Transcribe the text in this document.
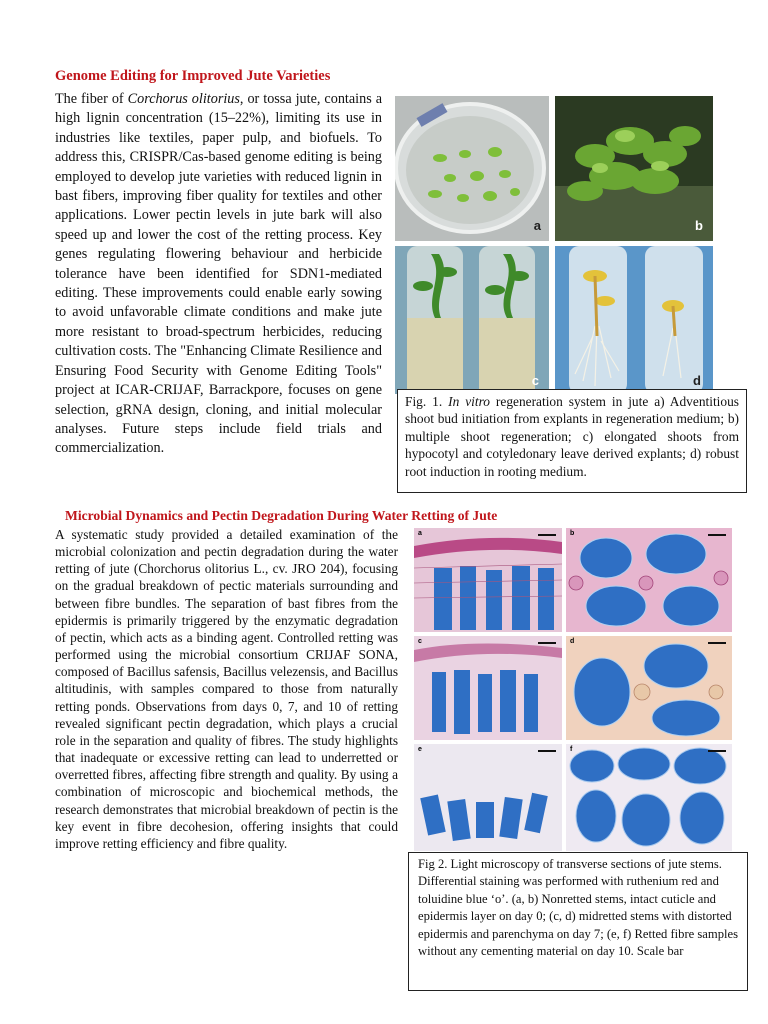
Genome Editing for Improved Jute Varieties

The fiber of Corchorus olitorius, or tossa jute, contains a high lignin concentration (15–22%), limiting its use in industries like textiles, paper pulp, and biofuels. To address this, CRISPR/Cas-based genome editing is being employed to develop jute varieties with reduced lignin in bast fibers, improving fiber quality for textiles and other applications. Lower pectin levels in jute bark will also speed up and lower the cost of the retting process. Key genes regulating flowering behaviour and herbicide tolerance have been identified for SDN1-mediated editing. These improvements could enable early sowing to avoid unfavorable climate conditions and make jute more resistant to broad-spectrum herbicides, reducing cultivation costs. The "Enhancing Climate Resilience and Ensuring Food Security with Genome Editing Tools" project at ICAR-CRIJAF, Barrackpore, focuses on gene selection, gRNA design, cloning, and initial molecular analyses. Future steps include field trials and commercialization.

a	b
c	d
Fig. 1. In vitro regeneration system in jute a) Adventitious shoot bud initiation from explants in regeneration medium; b) multiple shoot regeneration; c) elongated shoots from hypocotyl and cotyledonary leave derived explants; d) robust root induction in rooting medium.
Microbial Dynamics and Pectin Degradation During Water Retting of Jute

A systematic study provided a detailed examination of the microbial colonization and pectin degradation during the water retting of jute (Chorchorus olitorius L., cv. JRO 204), focusing on the gradual breakdown of pectic materials surrounding and between fibre bundles. The separation of bast fibres from the epidermis is primarily triggered by the enzymatic degradation of pectin, which acts as a binding agent. Controlled retting was performed using the microbial consortium CRIJAF SONA, composed of Bacillus safensis, Bacillus velezensis, and Bacillus altitudinis, with samples compared to those from naturally retting ponds. Observations from days 0, 7, and 10 of retting revealed significant pectin degradation, which plays a crucial role in the separation and quality of fibres. The study highlights that inadequate or excessive retting can lead to underretted or overretted fibres, affecting fibre strength and quality. By using a combination of microscopic and biochemical methods, the research demonstrates that microbial breakdown of pectin is the key event in fibre decohesion, offering insights that could improve retting efficiency and fibre quality.

a	b
c	d
e	f
Fig 2. Light microscopy of transverse sections of jute stems. Differential staining was performed with ruthenium red and toluidine blue ‘o’. (a, b) Nonretted stems, intact cuticle and epidermis layer on day 0; (c, d) midretted stems with distorted epidermis and parenchyma on day 7; (e, f) Retted fibre samples without any cementing material on day 10. Scale bar
